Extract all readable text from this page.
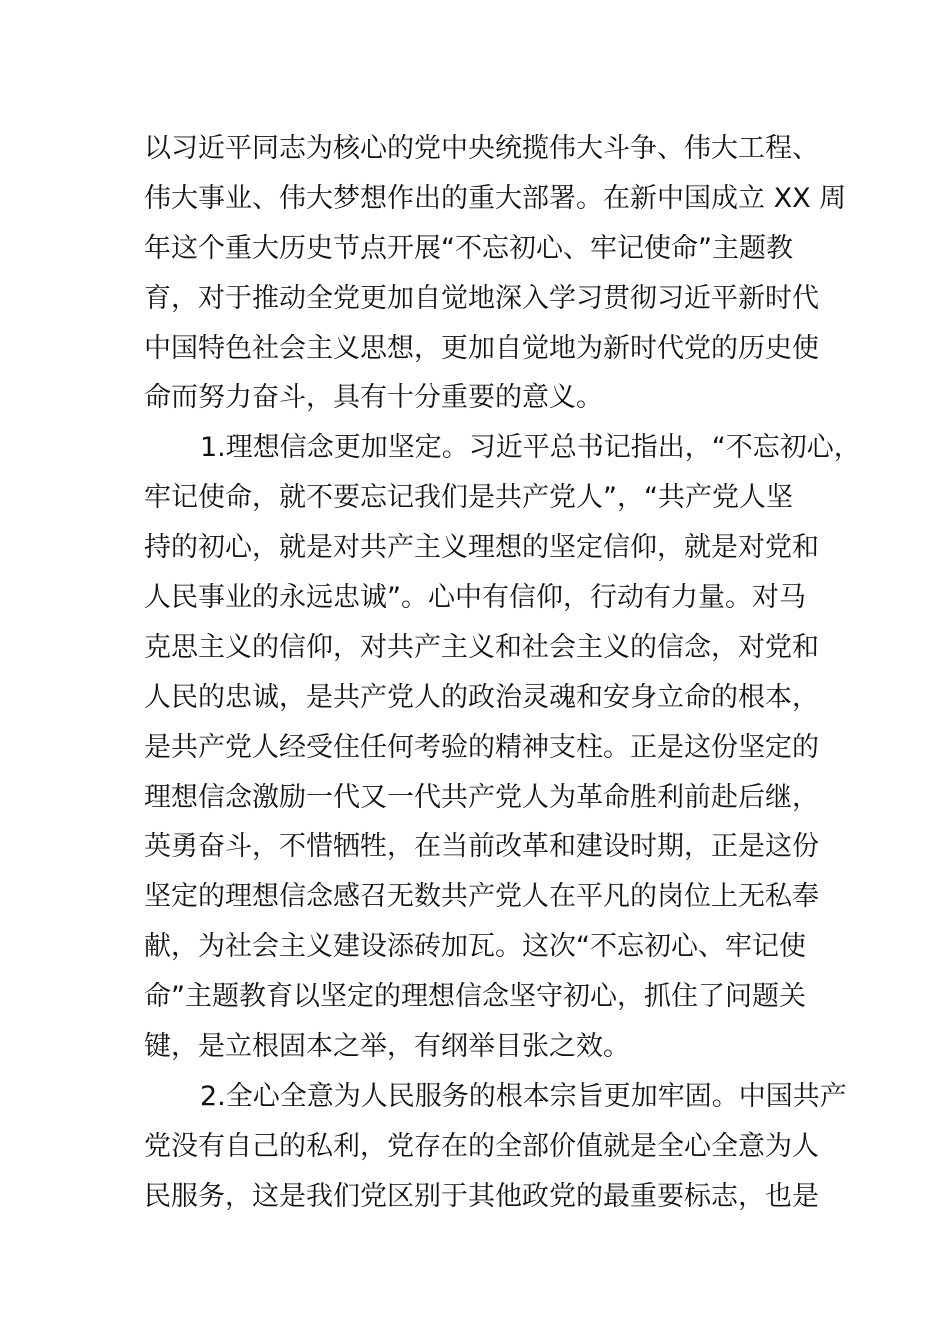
以习近平同志为核心的党中央统揽伟大斗争、伟大工程、
伟大事业、伟大梦想作出的重大部署。在新中国成立 XX 周
年这个重大历史节点开展“不忘初心、牢记使命”主题教
育，对于推动全党更加自觉地深入学习贯彻习近平新时代
中国特色社会主义思想，更加自觉地为新时代党的历史使
命而努力奋斗，具有十分重要的意义。
1.理想信念更加坚定。习近平总书记指出，“不忘初心，
牢记使命，就不要忘记我们是共产党人”，“共产党人坚
持的初心，就是对共产主义理想的坚定信仰，就是对党和
人民事业的永远忠诚”。心中有信仰，行动有力量。对马
克思主义的信仰，对共产主义和社会主义的信念，对党和
人民的忠诚，是共产党人的政治灵魂和安身立命的根本，
是共产党人经受住任何考验的精神支柱。正是这份坚定的
理想信念激励一代又一代共产党人为革命胜利前赴后继，
英勇奋斗，不惜牺牲，在当前改革和建设时期，正是这份
坚定的理想信念感召无数共产党人在平凡的岗位上无私奉
献，为社会主义建设添砖加瓦。这次“不忘初心、牢记使
命”主题教育以坚定的理想信念坚守初心，抓住了问题关
键，是立根固本之举，有纲举目张之效。
2.全心全意为人民服务的根本宗旨更加牢固。中国共产
党没有自己的私利，党存在的全部价值就是全心全意为人
民服务，这是我们党区别于其他政党的最重要标志，也是
